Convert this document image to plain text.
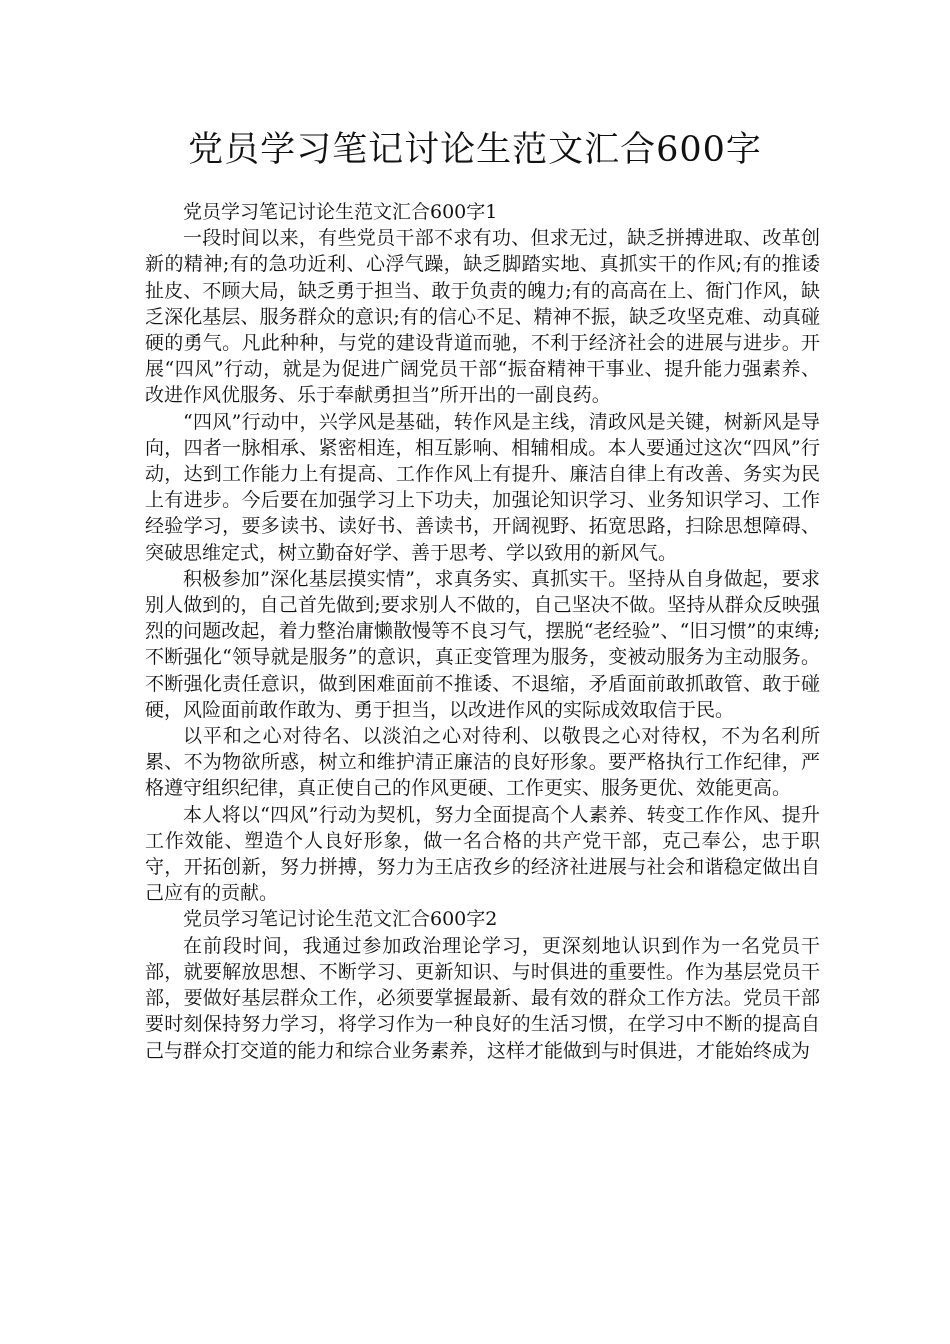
党员学习笔记讨论生范文汇合600字

党员学习笔记讨论生范文汇合600字1

一段时间以来，有些党员干部不求有功、但求无过，缺乏拼搏进取、改革创新的精神;有的急功近利、心浮气躁，缺乏脚踏实地、真抓实干的作风;有的推诿扯皮、不顾大局，缺乏勇于担当、敢于负责的魄力;有的高高在上、衙门作风，缺乏深化基层、服务群众的意识;有的信心不足、精神不振，缺乏攻坚克难、动真碰硬的勇气。凡此种种，与党的建设背道而驰，不利于经济社会的进展与进步。开展“四风”行动，就是为促进广阔党员干部“振奋精神干事业、提升能力强素养、改进作风优服务、乐于奉献勇担当”所开出的一副良药。

“四风”行动中，兴学风是基础，转作风是主线，清政风是关键，树新风是导向，四者一脉相承、紧密相连，相互影响、相辅相成。本人要通过这次“四风”行动，达到工作能力上有提高、工作作风上有提升、廉洁自律上有改善、务实为民上有进步。今后要在加强学习上下功夫，加强论知识学习、业务知识学习、工作经验学习，要多读书、读好书、善读书，开阔视野、拓宽思路，扫除思想障碍、突破思维定式，树立勤奋好学、善于思考、学以致用的新风气。

积极参加”深化基层摸实情”，求真务实、真抓实干。坚持从自身做起，要求别人做到的，自己首先做到;要求别人不做的，自己坚决不做。坚持从群众反映强烈的问题改起，着力整治庸懒散慢等不良习气，摆脱“老经验”、“旧习惯”的束缚;不断强化“领导就是服务”的意识，真正变管理为服务，变被动服务为主动服务。不断强化责任意识，做到困难面前不推诿、不退缩，矛盾面前敢抓敢管、敢于碰硬，风险面前敢作敢为、勇于担当，以改进作风的实际成效取信于民。

以平和之心对待名、以淡泊之心对待利、以敬畏之心对待权，不为名利所累、不为物欲所惑，树立和维护清正廉洁的良好形象。要严格执行工作纪律，严格遵守组织纪律，真正使自己的作风更硬、工作更实、服务更优、效能更高。

本人将以“四风”行动为契机，努力全面提高个人素养、转变工作作风、提升工作效能、塑造个人良好形象，做一名合格的共产党干部，克己奉公，忠于职守，开拓创新，努力拼搏，努力为王店孜乡的经济社进展与社会和谐稳定做出自己应有的贡献。

党员学习笔记讨论生范文汇合600字2

在前段时间，我通过参加政治理论学习，更深刻地认识到作为一名党员干部，就要解放思想、不断学习、更新知识、与时俱进的重要性。作为基层党员干部，要做好基层群众工作，必须要掌握最新、最有效的群众工作方法。党员干部要时刻保持努力学习，将学习作为一种良好的生活习惯，在学习中不断的提高自己与群众打交道的能力和综合业务素养，这样才能做到与时俱进，才能始终成为
